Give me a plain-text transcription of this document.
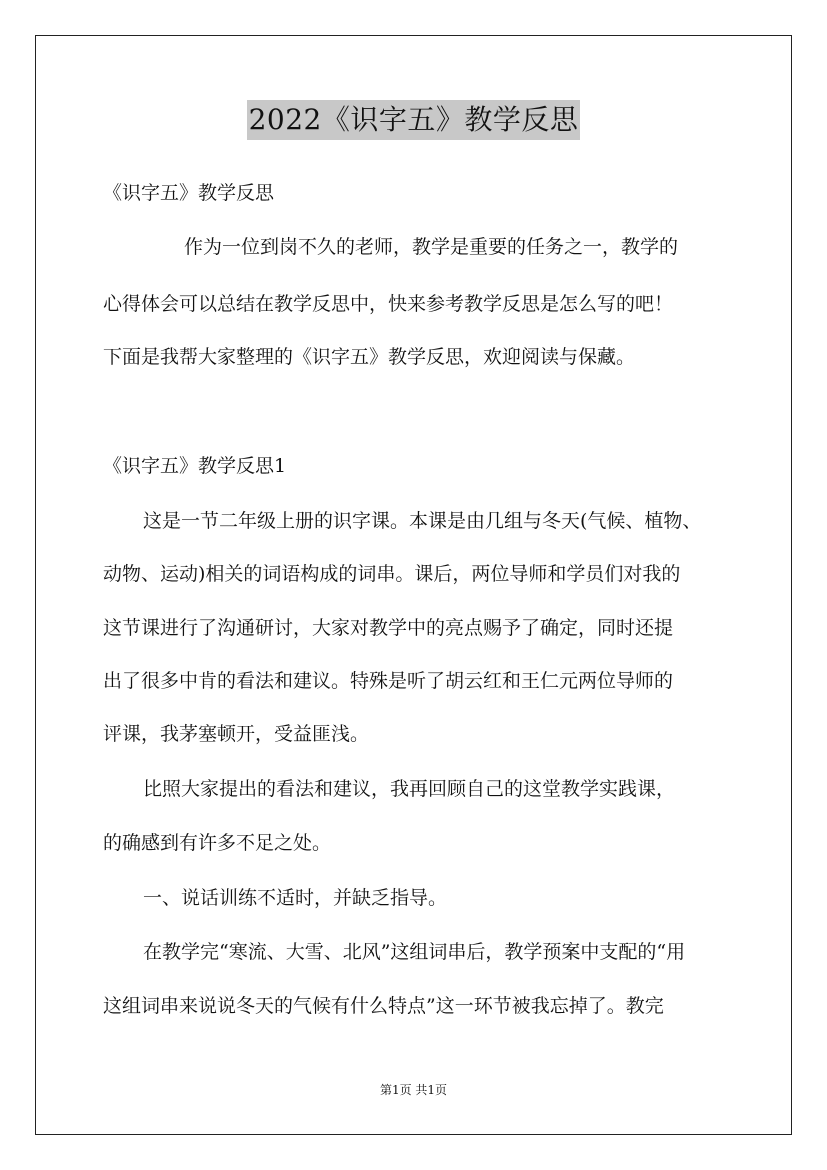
2022《识字五》教学反思
《识字五》教学反思
作为一位到岗不久的老师，教学是重要的任务之一，教学的
心得体会可以总结在教学反思中，快来参考教学反思是怎么写的吧！
下面是我帮大家整理的《识字五》教学反思，欢迎阅读与保藏。
《识字五》教学反思1
这是一节二年级上册的识字课。本课是由几组与冬天(气候、植物、
动物、运动)相关的词语构成的词串。课后，两位导师和学员们对我的
这节课进行了沟通研讨，大家对教学中的亮点赐予了确定，同时还提
出了很多中肯的看法和建议。特殊是听了胡云红和王仁元两位导师的
评课，我茅塞顿开，受益匪浅。
比照大家提出的看法和建议，我再回顾自己的这堂教学实践课，
的确感到有许多不足之处。
一、说话训练不适时，并缺乏指导。
在教学完“寒流、大雪、北风”这组词串后，教学预案中支配的“用
这组词串来说说冬天的气候有什么特点”这一环节被我忘掉了。教完
第1页 共1页
